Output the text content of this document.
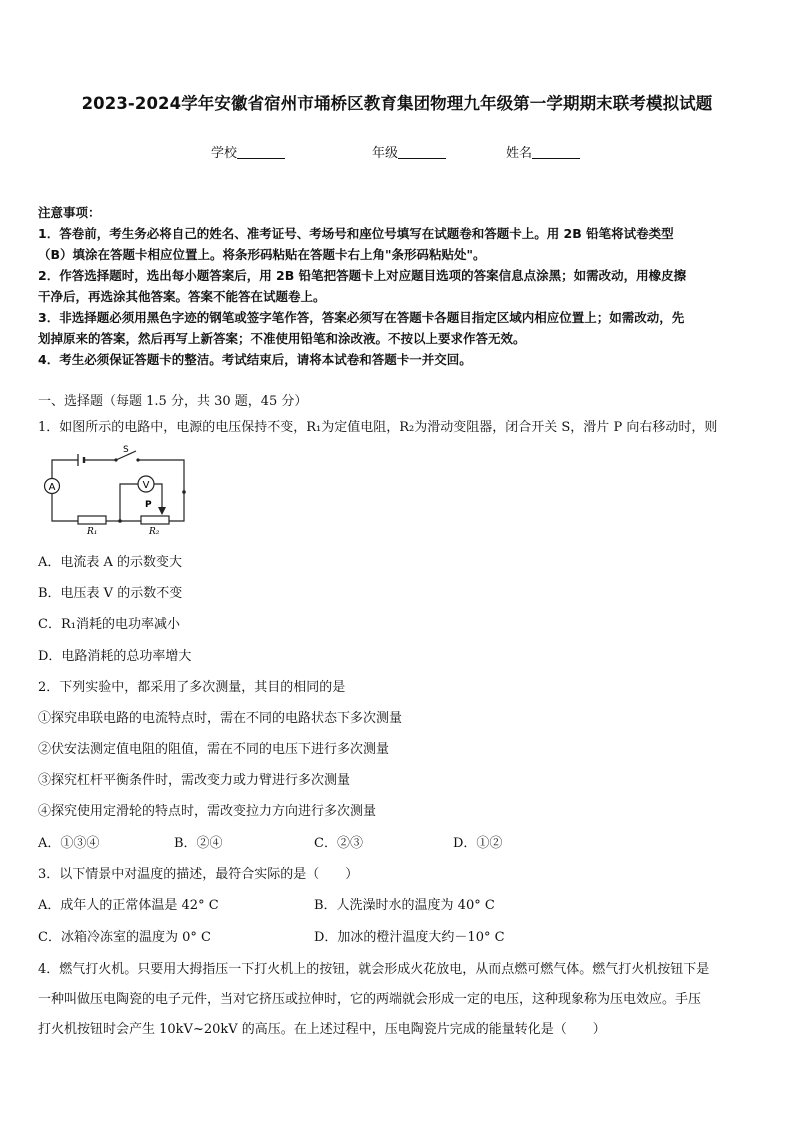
2023-2024学年安徽省宿州市埇桥区教育集团物理九年级第一学期期末联考模拟试题
学校	年级	姓名
注意事项：
1．答卷前，考生务必将自己的姓名、准考证号、考场号和座位号填写在试题卷和答题卡上。用 2B 铅笔将试卷类型
（B）填涂在答题卡相应位置上。将条形码粘贴在答题卡右上角"条形码粘贴处"。
2．作答选择题时，选出每小题答案后，用 2B 铅笔把答题卡上对应题目选项的答案信息点涂黑；如需改动，用橡皮擦
干净后，再选涂其他答案。答案不能答在试题卷上。
3．非选择题必须用黑色字迹的钢笔或签字笔作答，答案必须写在答题卡各题目指定区域内相应位置上；如需改动，先
划掉原来的答案，然后再写上新答案；不准使用铅笔和涂改液。不按以上要求作答无效。
4．考生必须保证答题卡的整洁。考试结束后，请将本试卷和答题卡一并交回。
一、选择题（每题 1.5 分，共 30 题，45 分）
1．如图所示的电路中，电源的电压保持不变，R₁为定值电阻，R₂为滑动变阻器，闭合开关 S，滑片 P 向右移动时，则
A	V
S
P
R₁	R₂
A．电流表 A 的示数变大
B．电压表 V 的示数不变
C．R₁消耗的电功率减小
D．电路消耗的总功率增大
2．下列实验中，都采用了多次测量，其目的相同的是
①探究串联电路的电流特点时，需在不同的电路状态下多次测量
②伏安法测定值电阻的阻值，需在不同的电压下进行多次测量
③探究杠杆平衡条件时，需改变力或力臂进行多次测量
④探究使用定滑轮的特点时，需改变拉力方向进行多次测量
A．①③④	B．②④	C．②③	D．①②
3．以下情景中对温度的描述，最符合实际的是（　　）
A．成年人的正常体温是 42° C	B．人洗澡时水的温度为 40° C
C．冰箱冷冻室的温度为 0° C	D．加冰的橙汁温度大约－10° C
4．燃气打火机。只要用大拇指压一下打火机上的按钮，就会形成火花放电，从而点燃可燃气体。燃气打火机按钮下是
一种叫做压电陶瓷的电子元件，当对它挤压或拉伸时，它的两端就会形成一定的电压，这种现象称为压电效应。手压
打火机按钮时会产生 10kV~20kV 的高压。在上述过程中，压电陶瓷片完成的能量转化是（　　）
